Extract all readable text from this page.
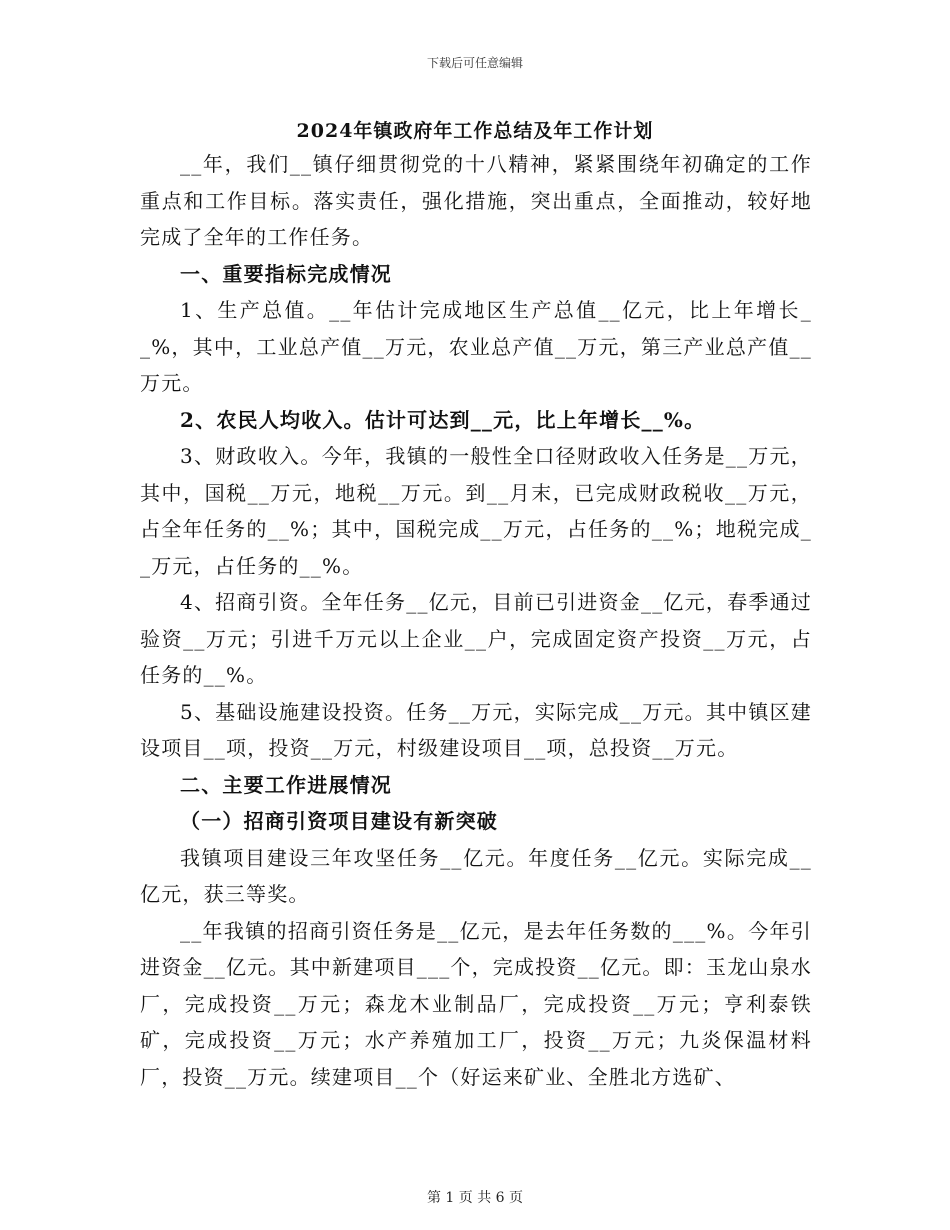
下载后可任意编辑
2024年镇政府年工作总结及年工作计划

__年，我们__镇仔细贯彻党的十八精神，紧紧围绕年初确定的工作重点和工作目标。落实责任，强化措施，突出重点，全面推动，较好地完成了全年的工作任务。

一、重要指标完成情况

1、生产总值。__年估计完成地区生产总值__亿元，比上年增长__%，其中，工业总产值__万元，农业总产值__万元，第三产业总产值__万元。

2、农民人均收入。估计可达到__元，比上年增长__%。

3、财政收入。今年，我镇的一般性全口径财政收入任务是__万元，其中，国税__万元，地税__万元。到__月末，已完成财政税收__万元，占全年任务的__%；其中，国税完成__万元，占任务的__%；地税完成__万元，占任务的__%。

4、招商引资。全年任务__亿元，目前已引进资金__亿元，春季通过验资__万元；引进千万元以上企业__户，完成固定资产投资__万元，占任务的__%。

5、基础设施建设投资。任务__万元，实际完成__万元。其中镇区建设项目__项，投资__万元，村级建设项目__项，总投资__万元。

二、主要工作进展情况

（一）招商引资项目建设有新突破

我镇项目建设三年攻坚任务__亿元。年度任务__亿元。实际完成__亿元，获三等奖。

__年我镇的招商引资任务是__亿元，是去年任务数的___%。今年引进资金__亿元。其中新建项目___个，完成投资__亿元。即：玉龙山泉水厂，完成投资__万元；森龙木业制品厂，完成投资__万元；亨利泰铁矿，完成投资__万元；水产养殖加工厂，投资__万元；九炎保温材料厂，投资__万元。续建项目__个（好运来矿业、全胜北方选矿、

第 1 页 共 6 页
